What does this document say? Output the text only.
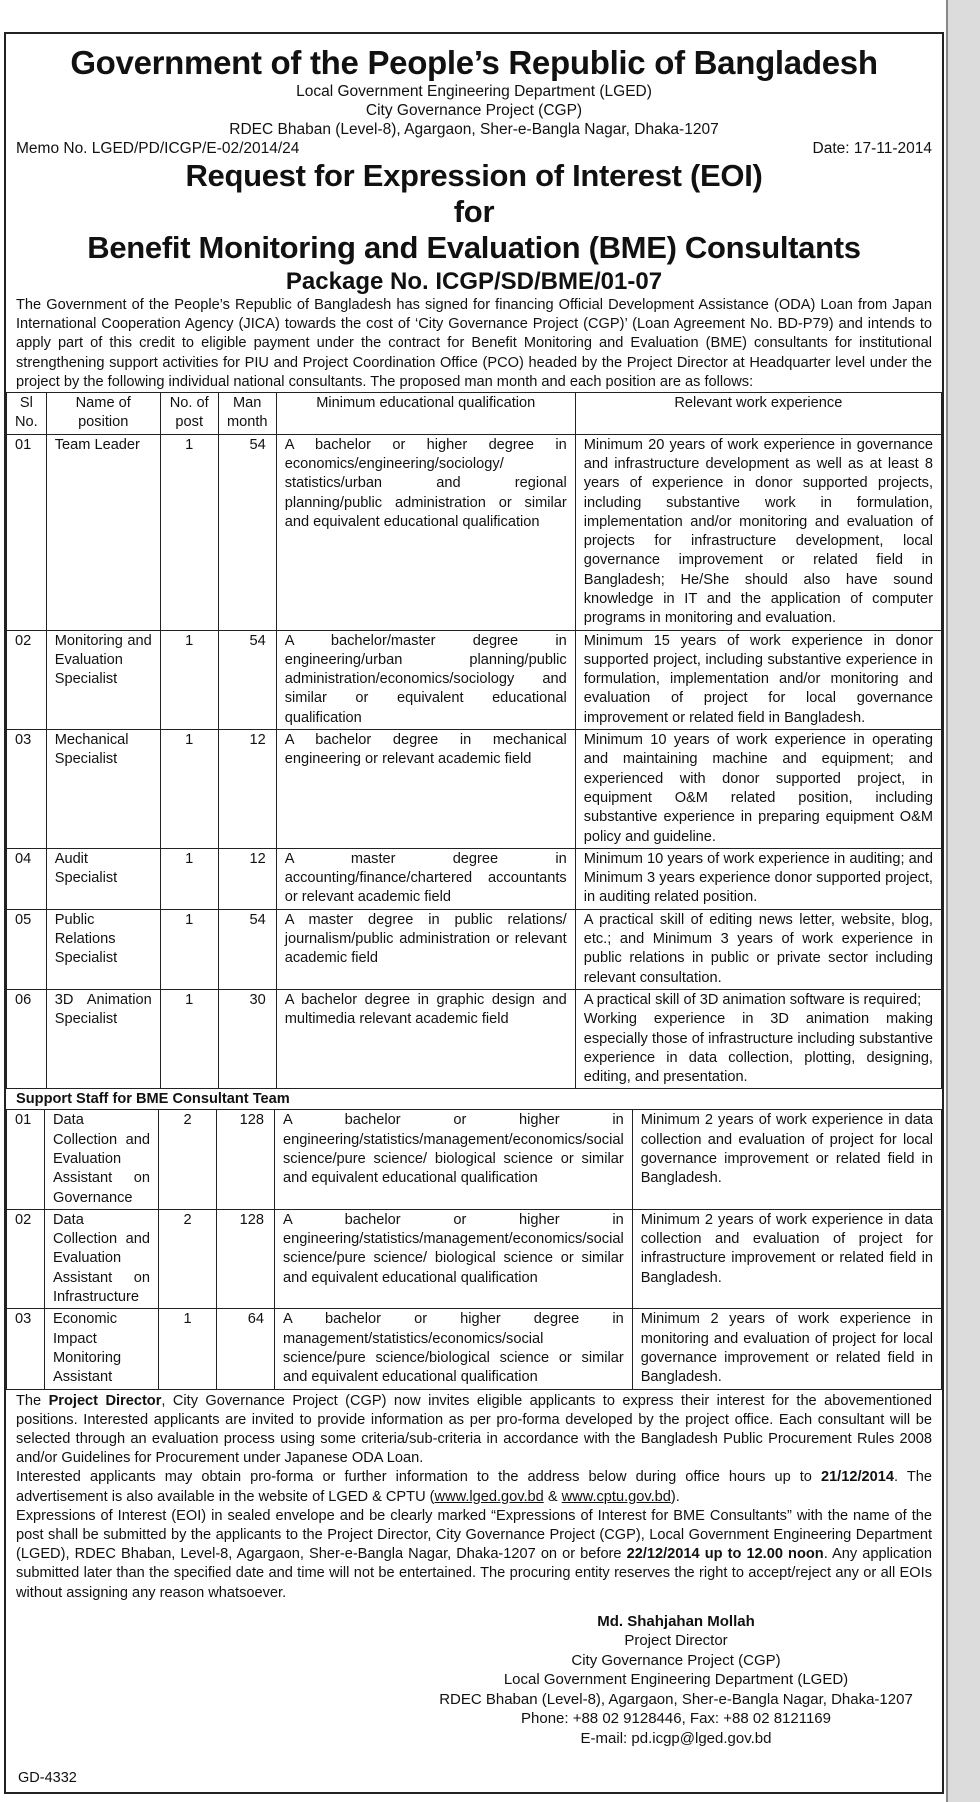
Government of the People’s Republic of Bangladesh
Local Government Engineering Department (LGED)
City Governance Project (CGP)
RDEC Bhaban (Level-8), Agargaon, Sher-e-Bangla Nagar, Dhaka-1207
Memo No. LGED/PD/ICGP/E-02/2014/24	Date: 17-11-2014
Request for Expression of Interest (EOI)
for
Benefit Monitoring and Evaluation (BME) Consultants
Package No. ICGP/SD/BME/01-07
The Government of the People’s Republic of Bangladesh has signed for financing Official Development Assistance (ODA) Loan from Japan International Cooperation Agency (JICA) towards the cost of ‘City Governance Project (CGP)’ (Loan Agreement No. BD-P79) and intends to apply part of this credit to eligible payment under the contract for Benefit Monitoring and Evaluation (BME) consultants for institutional strengthening support activities for PIU and Project Coordination Office (PCO) headed by the Project Director at Headquarter level under the project by the following individual national consultants. The proposed man month and each position are as follows:
Sl No.	Name of position	No. of post	Man month	Minimum educational qualification	Relevant work experience
01	Team Leader	1	54	A bachelor or higher degree in economics/engineering/sociology/ statistics/urban and regional planning/public administration or similar and equivalent educational qualification	Minimum 20 years of work experience in governance and infrastructure development as well as at least 8 years of experience in donor supported projects, including substantive work in formulation, implementation and/or monitoring and evaluation of projects for infrastructure development, local governance improvement or related field in Bangladesh; He/She should also have sound knowledge in IT and the application of computer programs in monitoring and evaluation.
02	Monitoring and Evaluation Specialist	1	54	A bachelor/master degree in engineering/urban planning/public administration/economics/sociology and similar or equivalent educational qualification	Minimum 15 years of work experience in donor supported project, including substantive experience in formulation, implementation and/or monitoring and evaluation of project for local governance improvement or related field in Bangladesh.
03	Mechanical Specialist	1	12	A bachelor degree in mechanical engineering or relevant academic field	Minimum 10 years of work experience in operating and maintaining machine and equipment; and experienced with donor supported project, in equipment O&M related position, including substantive experience in preparing equipment O&M policy and guideline.
04	Audit Specialist	1	12	A master degree in accounting/finance/chartered accountants or relevant academic field	Minimum 10 years of work experience in auditing; and Minimum 3 years experience donor supported project, in auditing related position.
05	Public Relations Specialist	1	54	A master degree in public relations/ journalism/public administration or relevant academic field	A practical skill of editing news letter, website, blog, etc.; and Minimum 3 years of work experience in public relations in public or private sector including relevant consultation.
06	3D Animation Specialist	1	30	A bachelor degree in graphic design and multimedia relevant academic field	A practical skill of 3D animation software is required;
Working experience in 3D animation making especially those of infrastructure including substantive experience in data collection, plotting, designing, editing, and presentation.
Support Staff for BME Consultant Team
01	Data Collection and Evaluation Assistant on Governance	2	128	A bachelor or higher in engineering/statistics/management/economics/social science/pure science/ biological science or similar and equivalent educational qualification	Minimum 2 years of work experience in data collection and evaluation of project for local governance improvement or related field in Bangladesh.
02	Data Collection and Evaluation Assistant on Infrastructure	2	128	A bachelor or higher in engineering/statistics/management/economics/social science/pure science/ biological science or similar and equivalent educational qualification	Minimum 2 years of work experience in data collection and evaluation of project for infrastructure improvement or related field in Bangladesh.
03	Economic Impact Monitoring Assistant	1	64	A bachelor or higher degree in management/statistics/economics/social science/pure science/biological science or similar and equivalent educational qualification	Minimum 2 years of work experience in monitoring and evaluation of project for local governance improvement or related field in Bangladesh.
The Project Director, City Governance Project (CGP) now invites eligible applicants to express their interest for the abovementioned positions. Interested applicants are invited to provide information as per pro-forma developed by the project office. Each consultant will be selected through an evaluation process using some criteria/sub-criteria in accordance with the Bangladesh Public Procurement Rules 2008 and/or Guidelines for Procurement under Japanese ODA Loan.
Interested applicants may obtain pro-forma or further information to the address below during office hours up to 21/12/2014. The advertisement is also available in the website of LGED & CPTU (www.lged.gov.bd & www.cptu.gov.bd).
Expressions of Interest (EOI) in sealed envelope and be clearly marked “Expressions of Interest for BME Consultants” with the name of the post shall be submitted by the applicants to the Project Director, City Governance Project (CGP), Local Government Engineering Department (LGED), RDEC Bhaban, Level-8, Agargaon, Sher-e-Bangla Nagar, Dhaka-1207 on or before 22/12/2014 up to 12.00 noon. Any application submitted later than the specified date and time will not be entertained. The procuring entity reserves the right to accept/reject any or all EOIs without assigning any reason whatsoever.
Md. Shahjahan Mollah
Project Director
City Governance Project (CGP)
Local Government Engineering Department (LGED)
RDEC Bhaban (Level-8), Agargaon, Sher-e-Bangla Nagar, Dhaka-1207
Phone: +88 02 9128446, Fax: +88 02 8121169
E-mail: pd.icgp@lged.gov.bd
GD-4332
